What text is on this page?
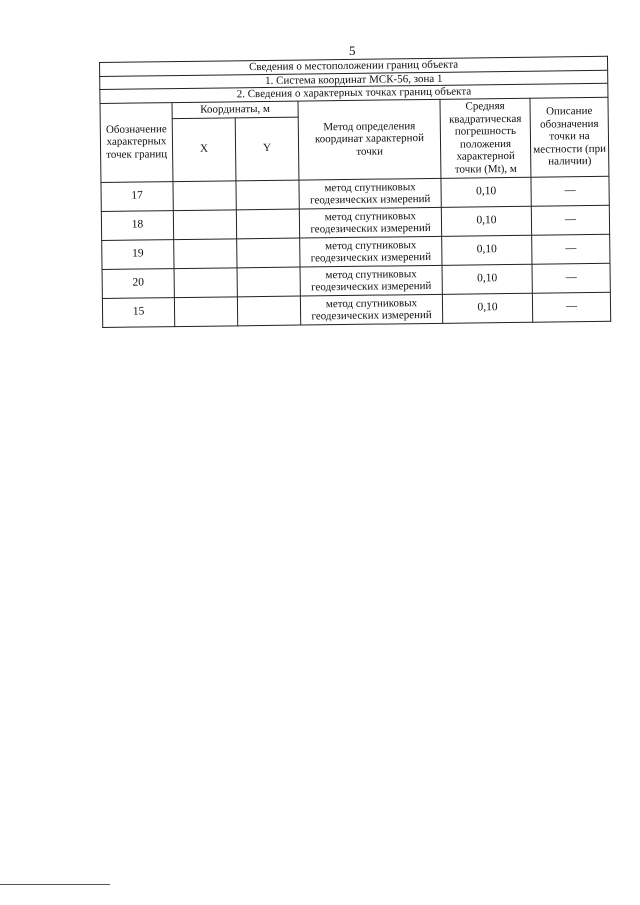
5
Сведения о местоположении границ объекта					
1. Система координат МСК-56, зона 1					
2. Сведения о характерных точках границ объекта					
Обозначение характерных точек границ	Координаты, м		Метод определения координат характерной точки	Средняя квадратическая погрешность положения характерной точки (Mt), м	Описание обозначения точки на местности (при наличии)
	X	Y			
17			метод спутниковых геодезических измерений	0,10	—
18			метод спутниковых геодезических измерений	0,10	—
19			метод спутниковых геодезических измерений	0,10	—
20			метод спутниковых геодезических измерений	0,10	—
15			метод спутниковых геодезических измерений	0,10	—
